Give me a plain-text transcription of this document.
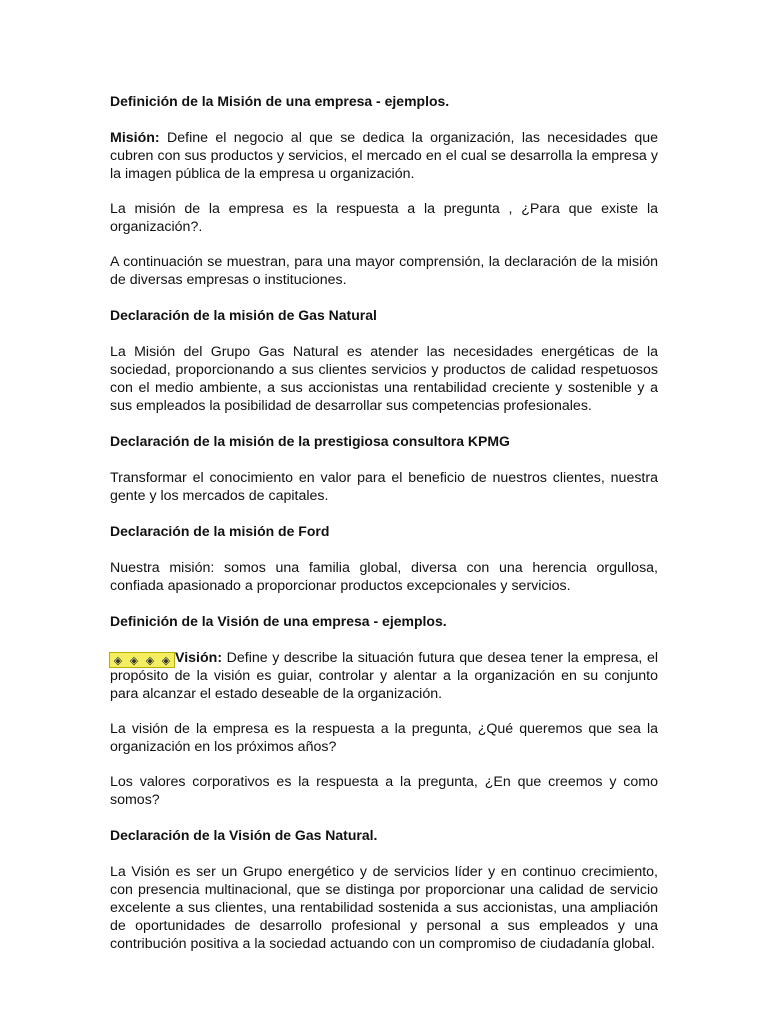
Definición de la Misión de una empresa - ejemplos.

Misión: Define el negocio al que se dedica la organización, las necesidades que cubren con sus productos y servicios, el mercado en el cual se desarrolla la empresa y la imagen pública de la empresa u organización.

La misión de la empresa es la respuesta a la pregunta , ¿Para que existe la organización?.

A continuación se muestran, para una mayor comprensión, la declaración de la misión de diversas empresas o instituciones.

Declaración de la misión de Gas Natural

La Misión del Grupo Gas Natural es atender las necesidades energéticas de la sociedad, proporcionando a sus clientes servicios y productos de calidad respetuosos con el medio ambiente, a sus accionistas una rentabilidad creciente y sostenible y a sus empleados la posibilidad de desarrollar sus competencias profesionales.

Declaración de la misión de la prestigiosa consultora KPMG

Transformar el conocimiento en valor para el beneficio de nuestros clientes, nuestra gente y los mercados de capitales.

Declaración de la misión de Ford

Nuestra misión: somos una familia global, diversa con una herencia orgullosa, confiada apasionado a proporcionar productos excepcionales y servicios.

Definición de la Visión de una empresa - ejemplos.

◈ ◈ ◈ ◈ Visión: Define y describe la situación futura que desea tener la empresa, el propósito de la visión es guiar, controlar y alentar a la organización en su conjunto para alcanzar el estado deseable de la organización.

La visión de la empresa es la respuesta a la pregunta, ¿Qué queremos que sea la organización en los próximos años?

Los valores corporativos es la respuesta a la pregunta, ¿En que creemos y como somos?

Declaración de la Visión de Gas Natural.

La Visión es ser un Grupo energético y de servicios líder y en continuo crecimiento, con presencia multinacional, que se distinga por proporcionar una calidad de servicio excelente a sus clientes, una rentabilidad sostenida a sus accionistas, una ampliación de oportunidades de desarrollo profesional y personal a sus empleados y una contribución positiva a la sociedad actuando con un compromiso de ciudadanía global.
